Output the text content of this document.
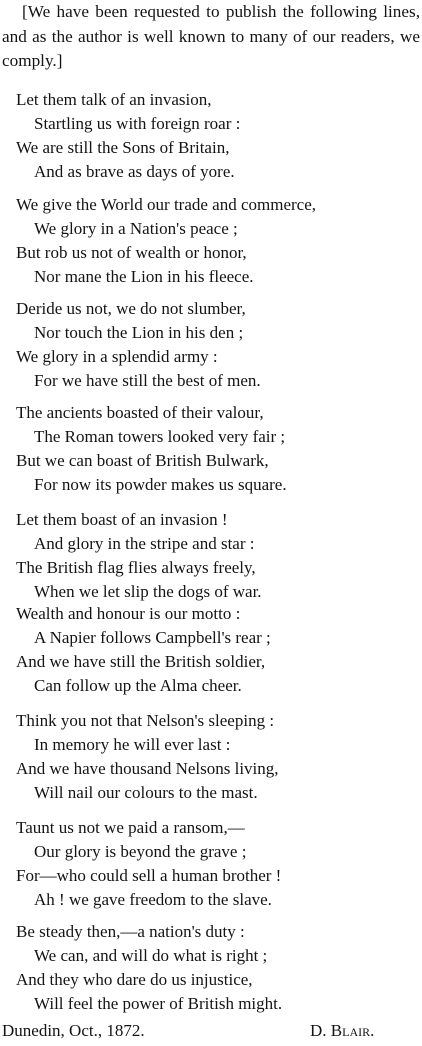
[We have been requested to publish the following lines, and as the author is well known to many of our readers, we comply.]

Let them talk of an invasion,
Startling us with foreign roar :
We are still the Sons of Britain,
And as brave as days of yore.
We give the World our trade and commerce,
We glory in a Nation's peace ;
But rob us not of wealth or honor,
Nor mane the Lion in his fleece.
Deride us not, we do not slumber,
Nor touch the Lion in his den ;
We glory in a splendid army :
For we have still the best of men.
The ancients boasted of their valour,
The Roman towers looked very fair ;
But we can boast of British Bulwark,
For now its powder makes us square.
Let them boast of an invasion !
And glory in the stripe and star :
The British flag flies always freely,
When we let slip the dogs of war.
Wealth and honour is our motto :
A Napier follows Campbell's rear ;
And we have still the British soldier,
Can follow up the Alma cheer.
Think you not that Nelson's sleeping :
In memory he will ever last :
And we have thousand Nelsons living,
Will nail our colours to the mast.
Taunt us not we paid a ransom,—
Our glory is beyond the grave ;
For—who could sell a human brother !
Ah ! we gave freedom to the slave.
Be steady then,—a nation's duty :
We can, and will do what is right ;
And they who dare do us injustice,
Will feel the power of British might.
Dunedin, Oct., 1872.	D. Blair.
